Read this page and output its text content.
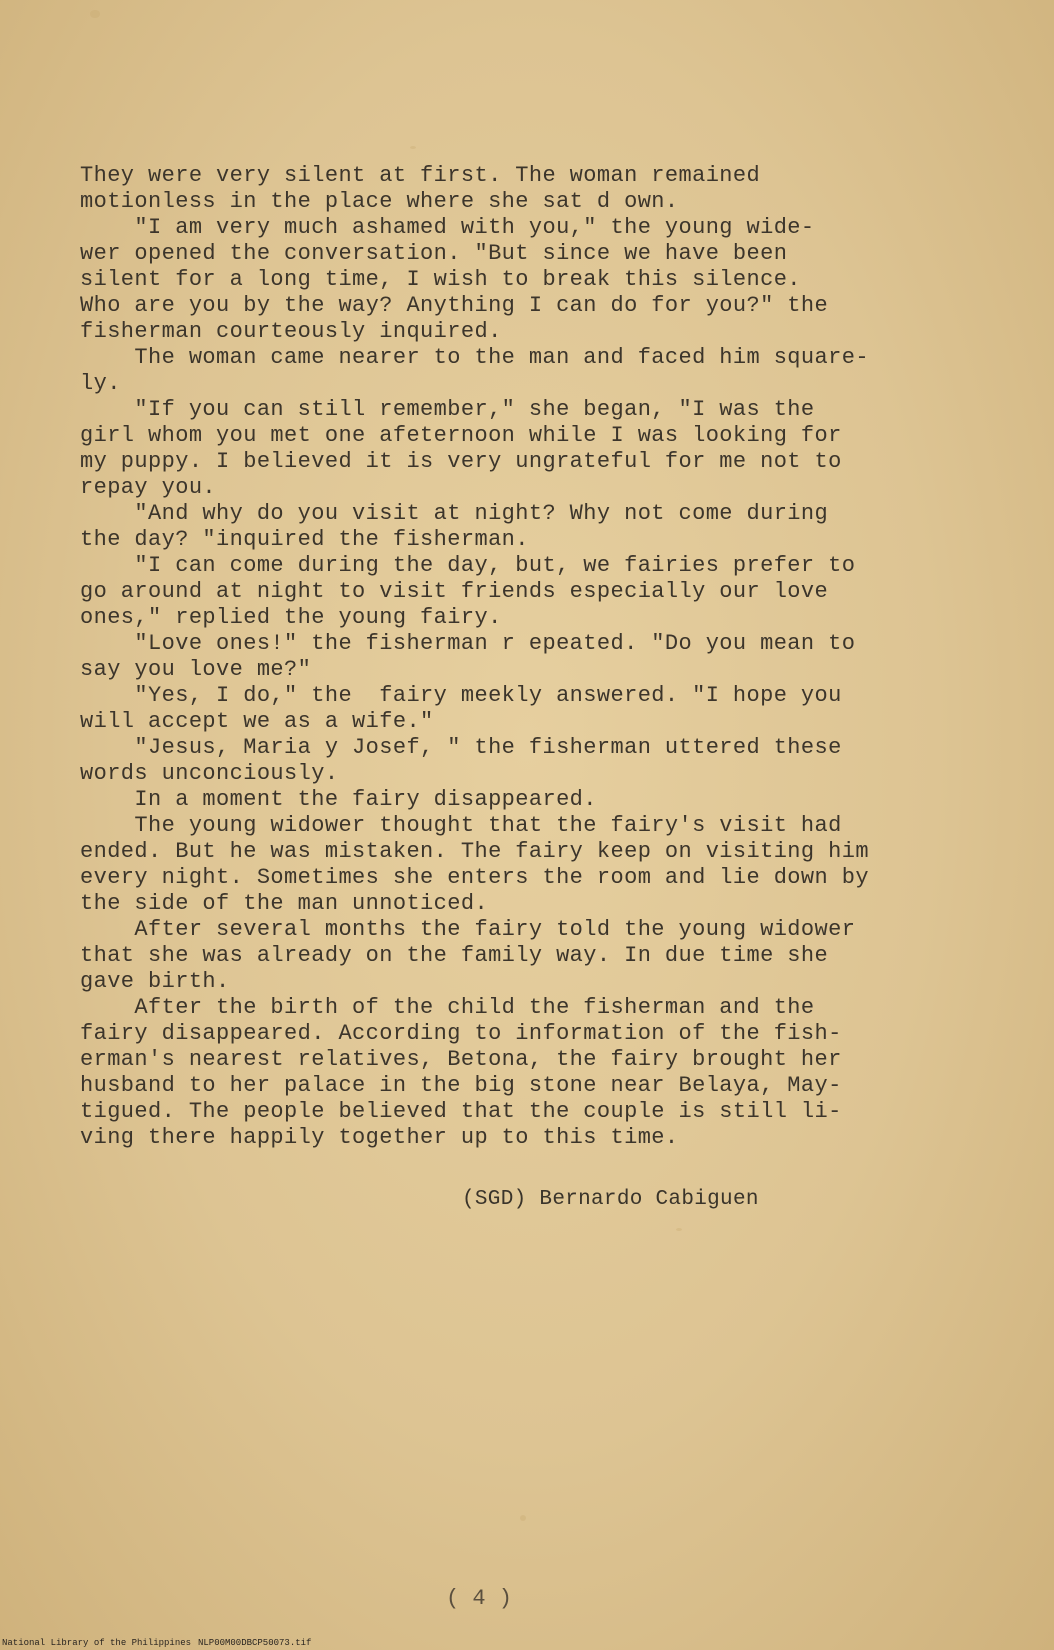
They were very silent at first. The woman remained
motionless in the place where she sat d own.
"I am very much ashamed with you," the young wide-
wer opened the conversation. "But since we have been
silent for a long time, I wish to break this silence.
Who are you by the way? Anything I can do for you?" the
fisherman courteously inquired.
The woman came nearer to the man and faced him square-
ly.
"If you can still remember," she began, "I was the
girl whom you met one afeternoon while I was looking for
my puppy. I believed it is very ungrateful for me not to
repay you.
"And why do you visit at night? Why not come during
the day? "inquired the fisherman.
"I can come during the day, but, we fairies prefer to
go around at night to visit friends especially our love
ones," replied the young fairy.
"Love ones!" the fisherman r epeated. "Do you mean to
say you love me?"
"Yes, I do," the  fairy meekly answered. "I hope you
will accept we as a wife."
"Jesus, Maria y Josef, " the fisherman uttered these
words unconciously.
In a moment the fairy disappeared.
The young widower thought that the fairy's visit had
ended. But he was mistaken. The fairy keep on visiting him
every night. Sometimes she enters the room and lie down by
the side of the man unnoticed.
After several months the fairy told the young widower
that she was already on the family way. In due time she
gave birth.
After the birth of the child the fisherman and the
fairy disappeared. According to information of the fish-
erman's nearest relatives, Betona, the fairy brought her
husband to her palace in the big stone near Belaya, May-
tigued. The people believed that the couple is still li-
ving there happily together up to this time.
(SGD) Bernardo Cabiguen
( 4 )
National Library of the Philippines NLP00M00DBCP50073.tif
